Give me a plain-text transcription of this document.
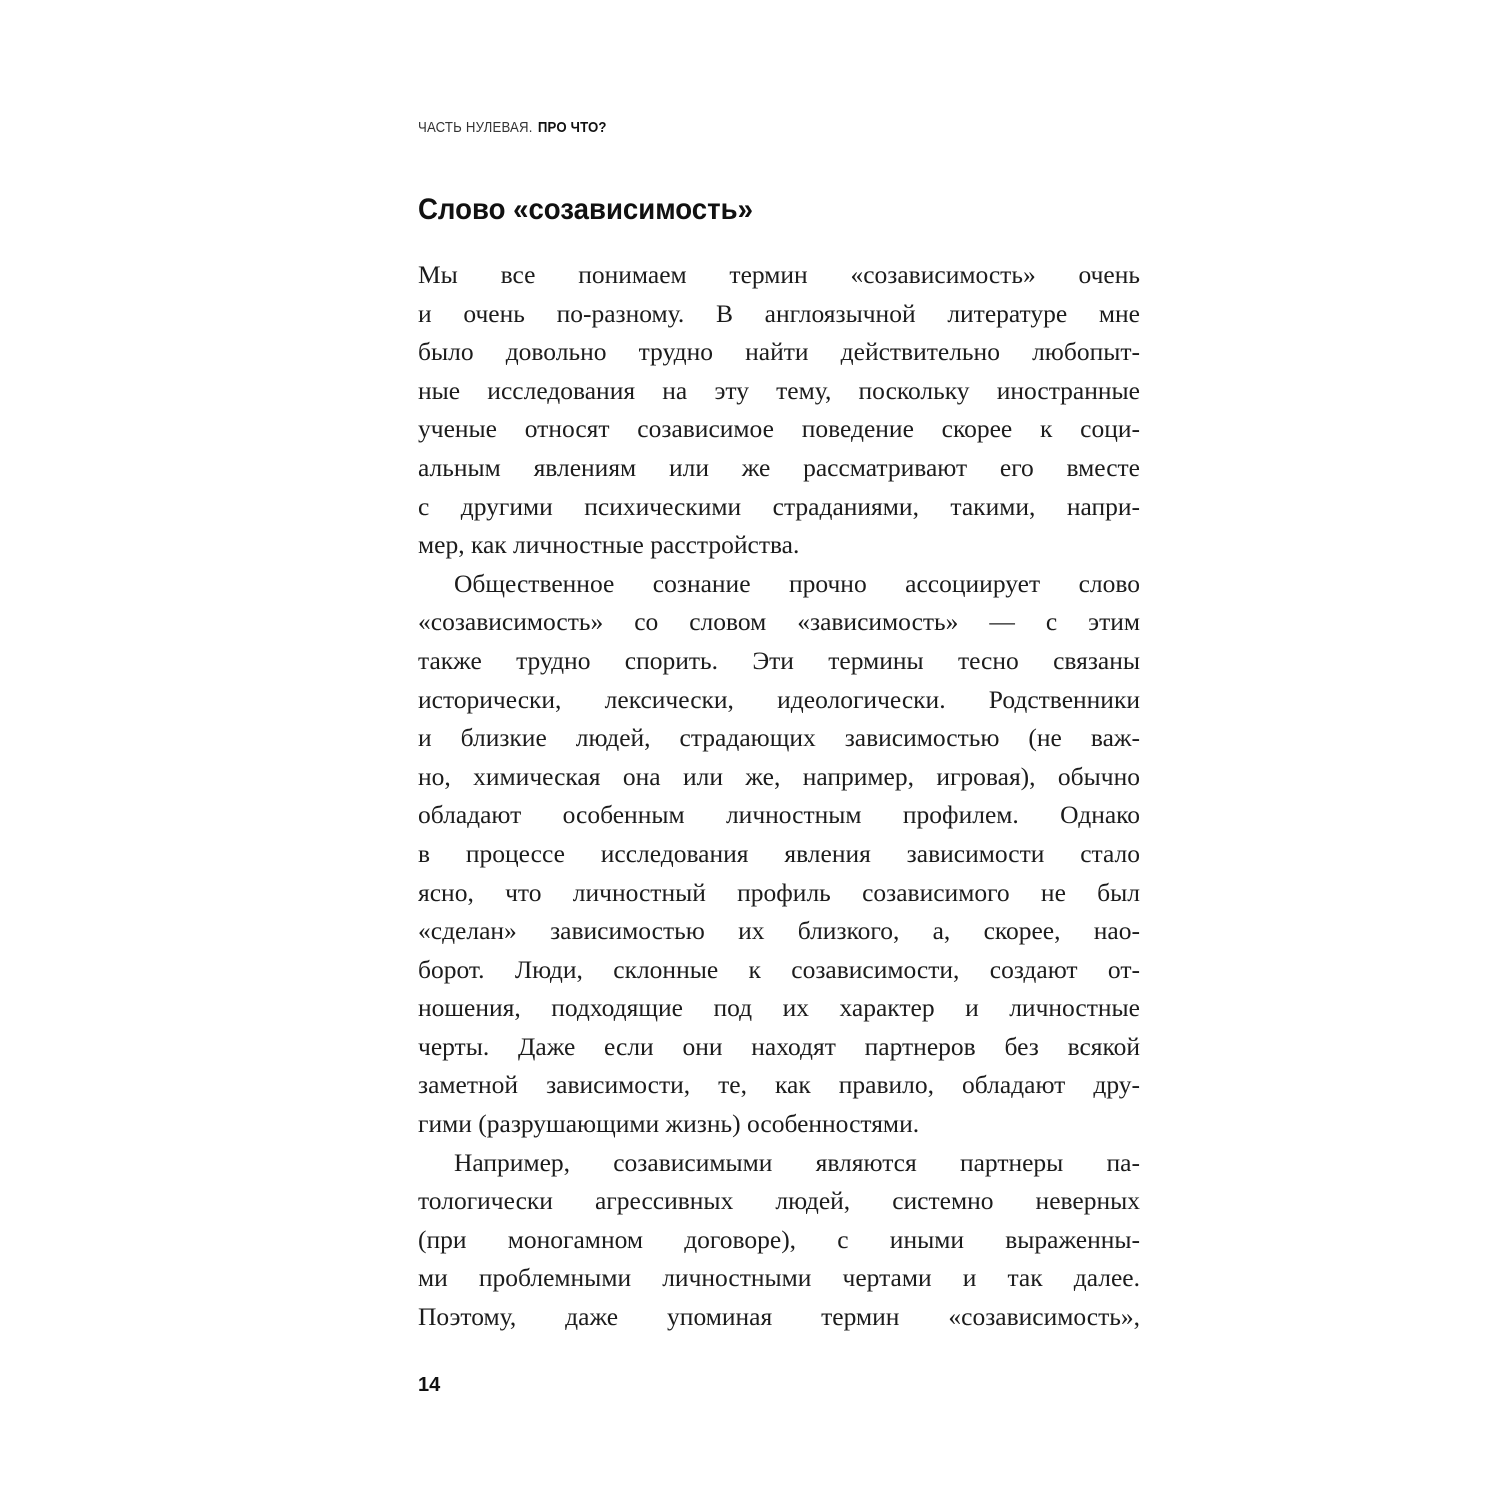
ЧАСТЬ НУЛЕВАЯ. ПРО ЧТО?
Слово «созависимость»
Мы все понимаем термин «созависимость» очень
и очень по-разному. В англоязычной литературе мне
было довольно трудно найти действительно любопыт-
ные исследования на эту тему, поскольку иностранные
ученые относят созависимое поведение скорее к соци-
альным явлениям или же рассматривают его вместе
с другими психическими страданиями, такими, напри-
мер, как личностные расстройства.
Общественное сознание прочно ассоциирует слово
«созависимость» со словом «зависимость» — с этим
также трудно спорить. Эти термины тесно связаны
исторически, лексически, идеологически. Родственники
и близкие людей, страдающих зависимостью (не важ-
но, химическая она или же, например, игровая), обычно
обладают особенным личностным профилем. Однако
в процессе исследования явления зависимости стало
ясно, что личностный профиль созависимого не был
«сделан» зависимостью их близкого, а, скорее, нао-
борот. Люди, склонные к созависимости, создают от-
ношения, подходящие под их характер и личностные
черты. Даже если они находят партнеров без всякой
заметной зависимости, те, как правило, обладают дру-
гими (разрушающими жизнь) особенностями.
Например, созависимыми являются партнеры па-
тологически агрессивных людей, системно неверных
(при моногамном договоре), с иными выраженны-
ми проблемными личностными чертами и так далее.
Поэтому, даже упоминая термин «созависимость»,
14
